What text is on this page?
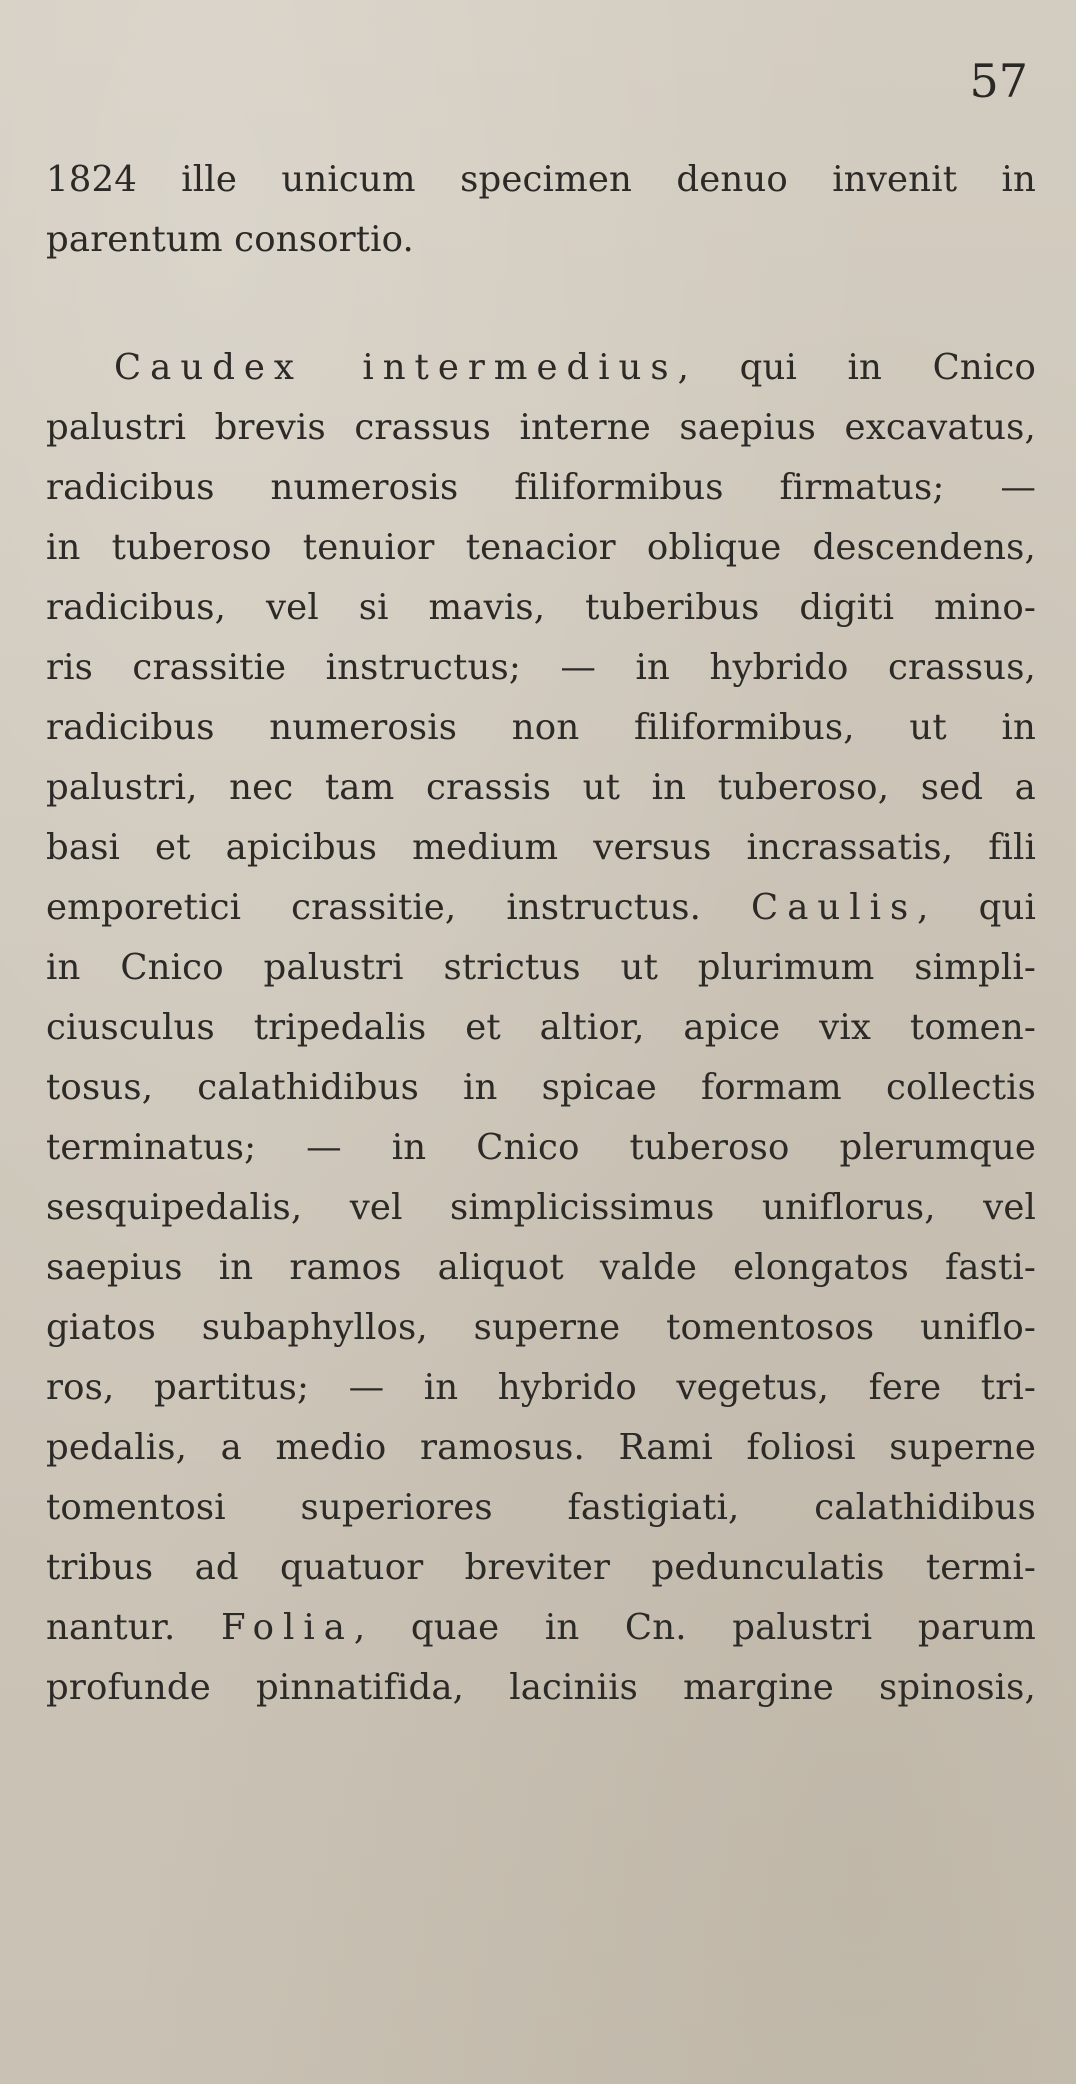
57
1824 ille unicum specimen denuo invenit in
parentum consortio.
Caudex intermedius, qui in Cnico
palustri brevis crassus interne saepius excavatus,
radicibus numerosis filiformibus firmatus; —
in tuberoso tenuior tenacior oblique descendens,
radicibus, vel si mavis, tuberibus digiti mino-
ris crassitie instructus; — in hybrido crassus,
radicibus numerosis non filiformibus, ut in
palustri, nec tam crassis ut in tuberoso, sed a
basi et apicibus medium versus incrassatis, fili
emporetici crassitie, instructus. Caulis, qui
in Cnico palustri strictus ut plurimum simpli-
ciusculus tripedalis et altior, apice vix tomen-
tosus, calathidibus in spicae formam collectis
terminatus; — in Cnico tuberoso plerumque
sesquipedalis, vel simplicissimus uniflorus, vel
saepius in ramos aliquot valde elongatos fasti-
giatos subaphyllos, superne tomentosos uniflo-
ros, partitus; — in hybrido vegetus, fere tri-
pedalis, a medio ramosus. Rami foliosi superne
tomentosi superiores fastigiati, calathidibus
tribus ad quatuor breviter pedunculatis termi-
nantur. Folia, quae in Cn. palustri parum
profunde pinnatifida, laciniis margine spinosis,
